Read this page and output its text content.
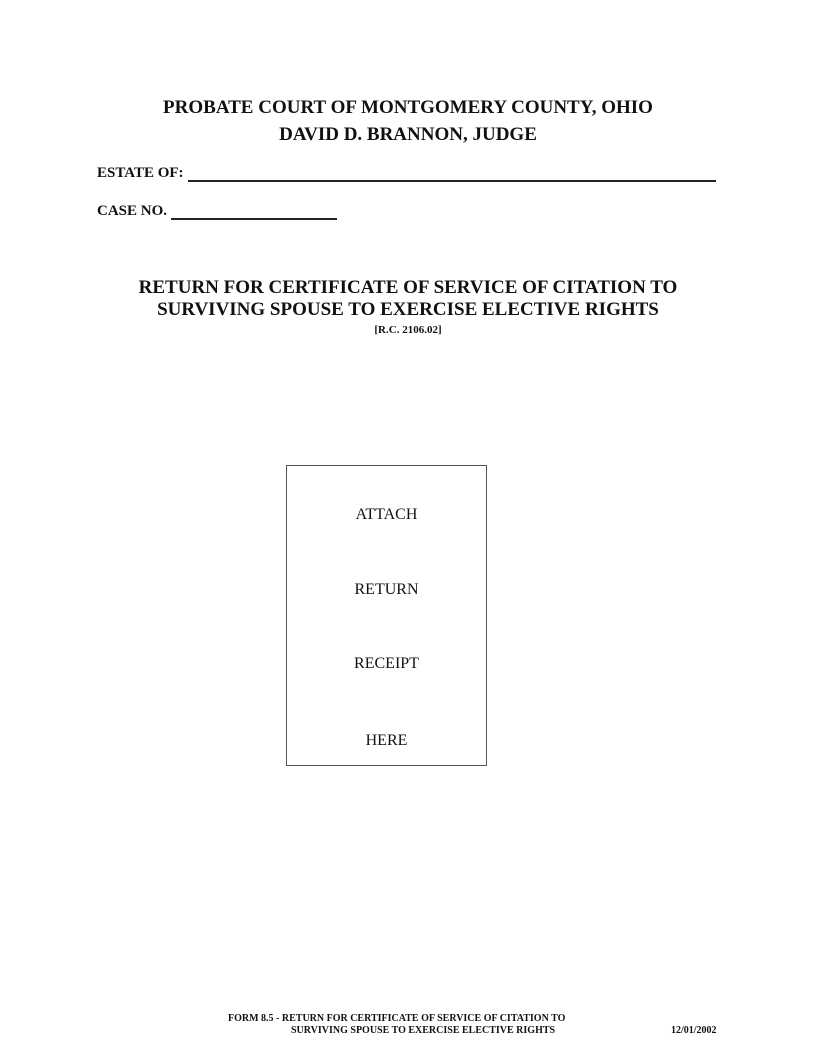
PROBATE COURT OF MONTGOMERY COUNTY, OHIO
DAVID D. BRANNON, JUDGE
ESTATE OF:
CASE NO.
RETURN FOR CERTIFICATE OF SERVICE OF CITATION TO
SURVIVING SPOUSE TO EXERCISE ELECTIVE RIGHTS
[R.C. 2106.02]
ATTACH
RETURN
RECEIPT
HERE
FORM 8.5 - RETURN FOR CERTIFICATE OF SERVICE OF CITATION TO
SURVIVING SPOUSE TO EXERCISE ELECTIVE RIGHTS	12/01/2002
